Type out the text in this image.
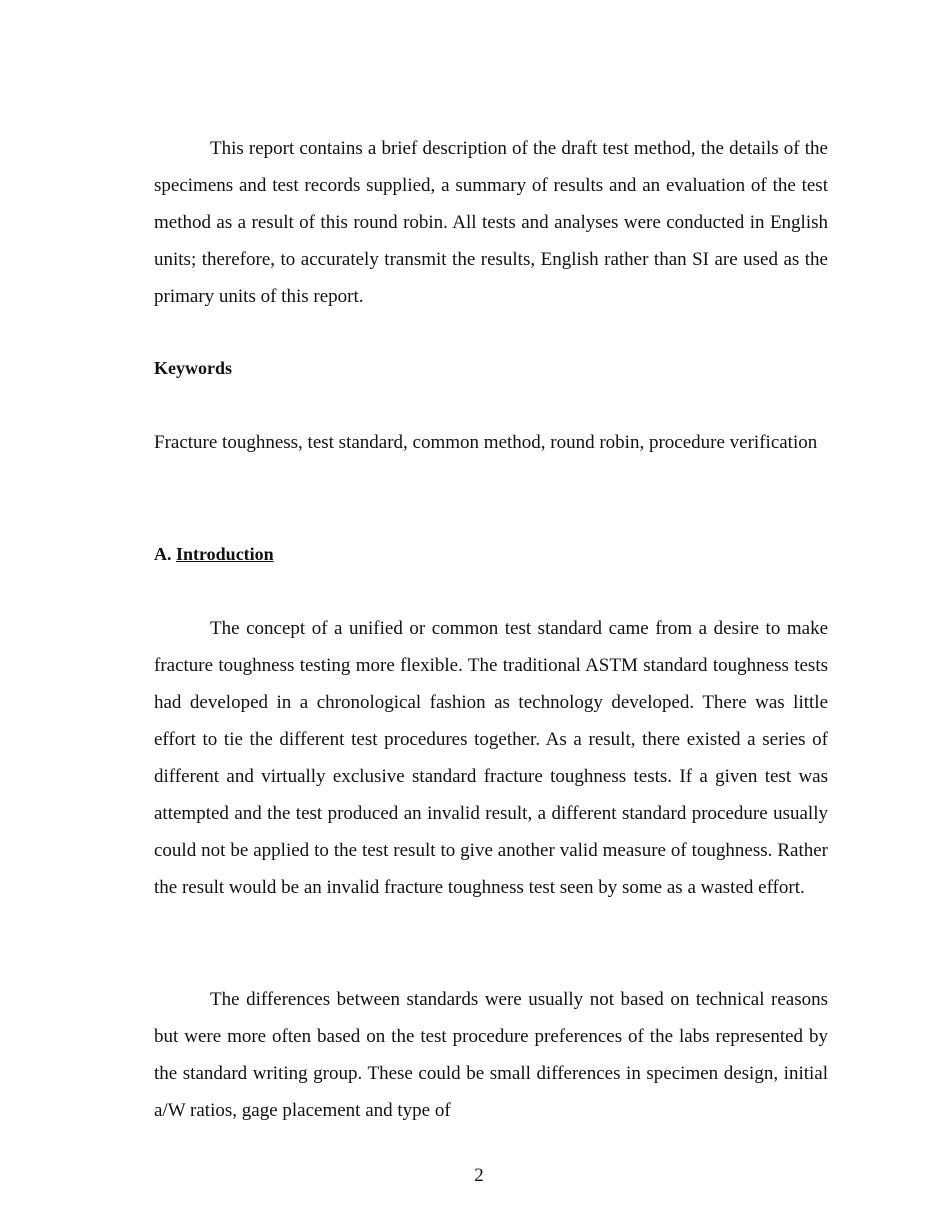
This report contains a brief description of the draft test method, the details of the specimens and test records supplied, a summary of results and an evaluation of the test method as a result of this round robin. All tests and analyses were conducted in English units; therefore, to accurately transmit the results, English rather than SI are used as the primary units of this report.

Keywords

Fracture toughness, test standard, common method, round robin, procedure verification

A. Introduction

The concept of a unified or common test standard came from a desire to make fracture toughness testing more flexible. The traditional ASTM standard toughness tests had developed in a chronological fashion as technology developed. There was little effort to tie the different test procedures together. As a result, there existed a series of different and virtually exclusive standard fracture toughness tests. If a given test was attempted and the test produced an invalid result, a different standard procedure usually could not be applied to the test result to give another valid measure of toughness. Rather the result would be an invalid fracture toughness test seen by some as a wasted effort.

The differences between standards were usually not based on technical reasons but were more often based on the test procedure preferences of the labs represented by the standard writing group. These could be small differences in specimen design, initial a/W ratios, gage placement and type of

2
